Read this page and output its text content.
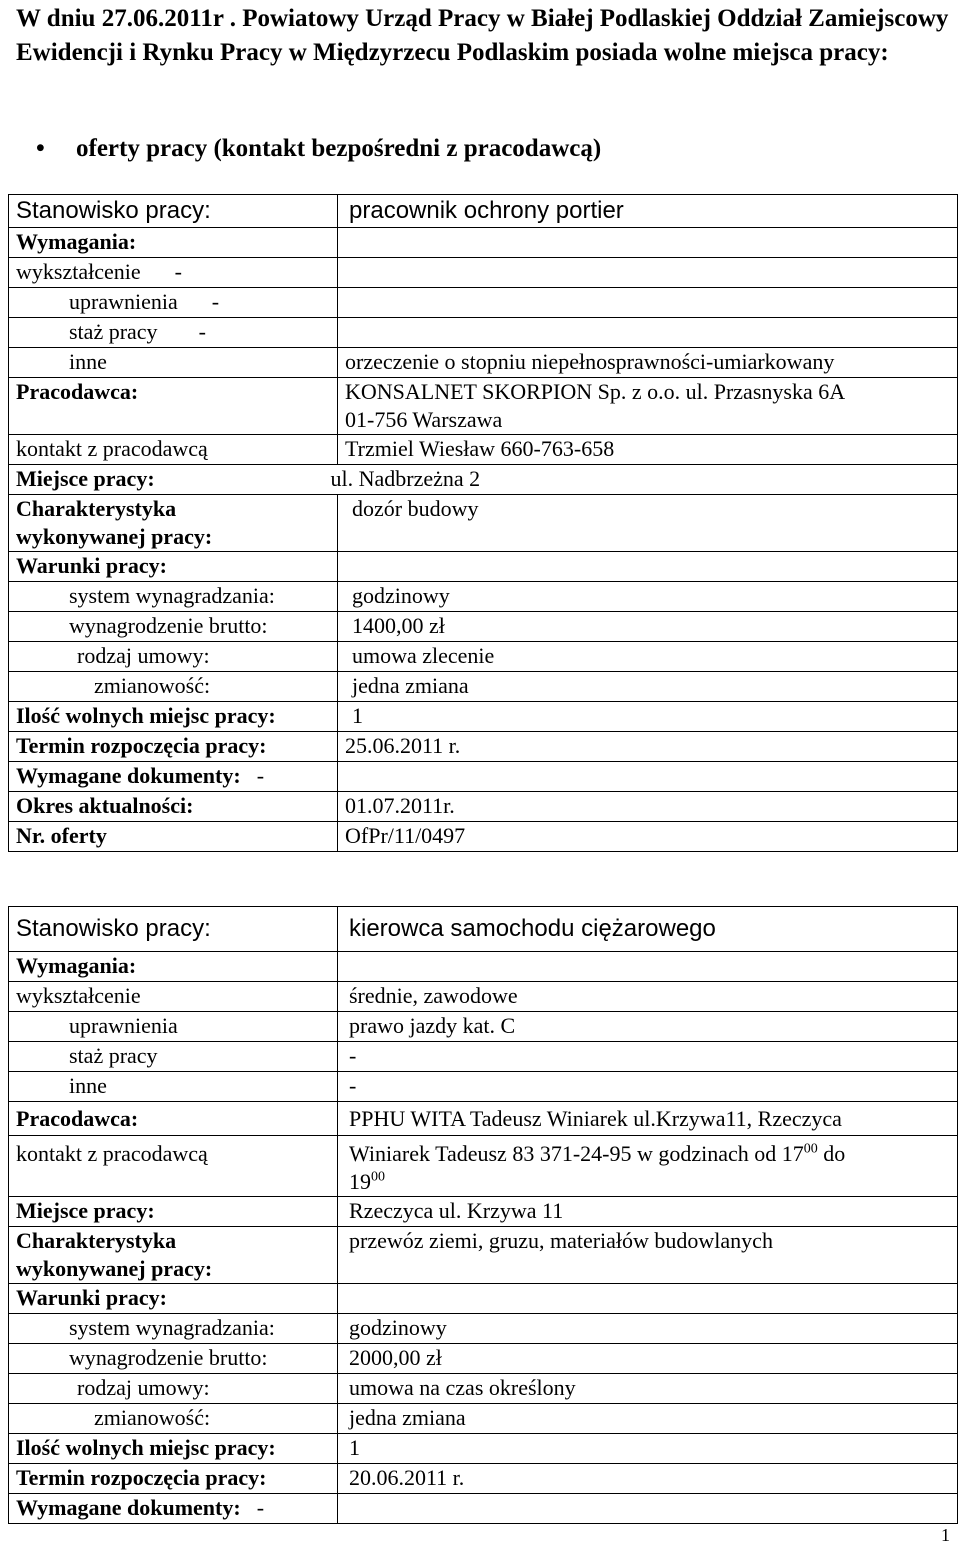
W dniu 27.06.2011r . Powiatowy Urząd Pracy w Białej Podlaskiej Oddział Zamiejscowy Ewidencji i Rynku Pracy w Międzyrzecu Podlaskim posiada wolne miejsca pracy:
• oferty pracy (kontakt bezpośredni z pracodawcą)
Stanowisko pracy:		pracownik ochrony portier
Wymagania:		
wykształcenie -		
uprawnienia -		
staż pracy -		
inne		orzeczenie o stopniu niepełnosprawności-umiarkowany
Pracodawca:		KONSALNET SKORPION Sp. z o.o. ul. Przasnyska 6A
01-756 Warszawa

kontakt z pracodawcą		Trzmiel Wiesław 660-763-658
Miejsce pracy:	ul. Nadbrzeżna 2	

Charakterystyka
wykonywanej pracy:		dozór budowy
Warunki pracy:		
system wynagradzania:		godzinowy
wynagrodzenie brutto:		1400,00 zł
rodzaj umowy:		umowa zlecenie
zmianowość:		jedna zmiana
Ilość wolnych miejsc pracy:		1
Termin rozpoczęcia pracy:		25.06.2011 r.
Wymagane dokumenty: -		
Okres aktualności:		01.07.2011r.
Nr. oferty		OfPr/11/0497
Stanowisko pracy:	kierowca samochodu ciężarowego
Wymagania:	
wykształcenie	średnie, zawodowe
uprawnienia	prawo jazdy kat. C
staż pracy	-
inne	-
Pracodawca:	PPHU WITA Tadeusz Winiarek ul.Krzywa11, Rzeczyca
kontakt z pracodawcą	Winiarek Tadeusz 83 371-24-95 w godzinach od $17^{00}$ do
$19^{00}$

Miejsce pracy:	Rzeczyca ul. Krzywa 11

Charakterystyka
wykonywanej pracy:	przewóz ziemi, gruzu, materiałów budowlanych
Warunki pracy:	
system wynagradzania:	godzinowy
wynagrodzenie brutto:	2000,00 zł
rodzaj umowy:	umowa na czas określony
zmianowość:	jedna zmiana
Ilość wolnych miejsc pracy:	1
Termin rozpoczęcia pracy:	20.06.2011 r.
Wymagane dokumenty: -	
1
